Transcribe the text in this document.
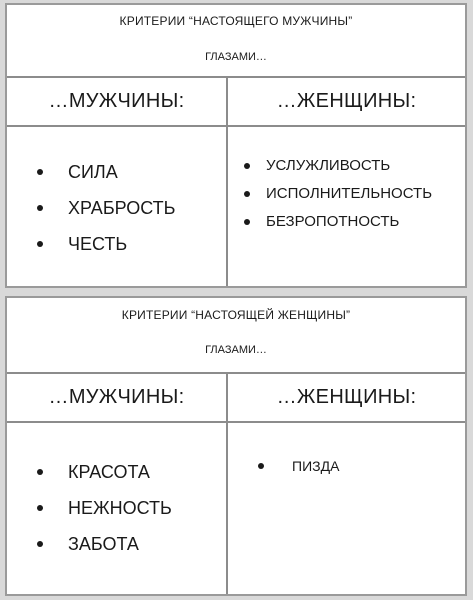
КРИТЕРИИ “НАСТОЯЩЕГО МУЖЧИНЫ”
ГЛАЗАМИ…
…МУЖЧИНЫ:
СИЛА
ХРАБРОСТЬ
ЧЕСТЬ
…ЖЕНЩИНЫ:
УСЛУЖЛИВОСТЬ
ИСПОЛНИТЕЛЬНОСТЬ
БЕЗРОПОТНОСТЬ
КРИТЕРИИ “НАСТОЯЩЕЙ ЖЕНЩИНЫ”
ГЛАЗАМИ…
…МУЖЧИНЫ:
КРАСОТА
НЕЖНОСТЬ
ЗАБОТА
…ЖЕНЩИНЫ:
ПИЗДА
